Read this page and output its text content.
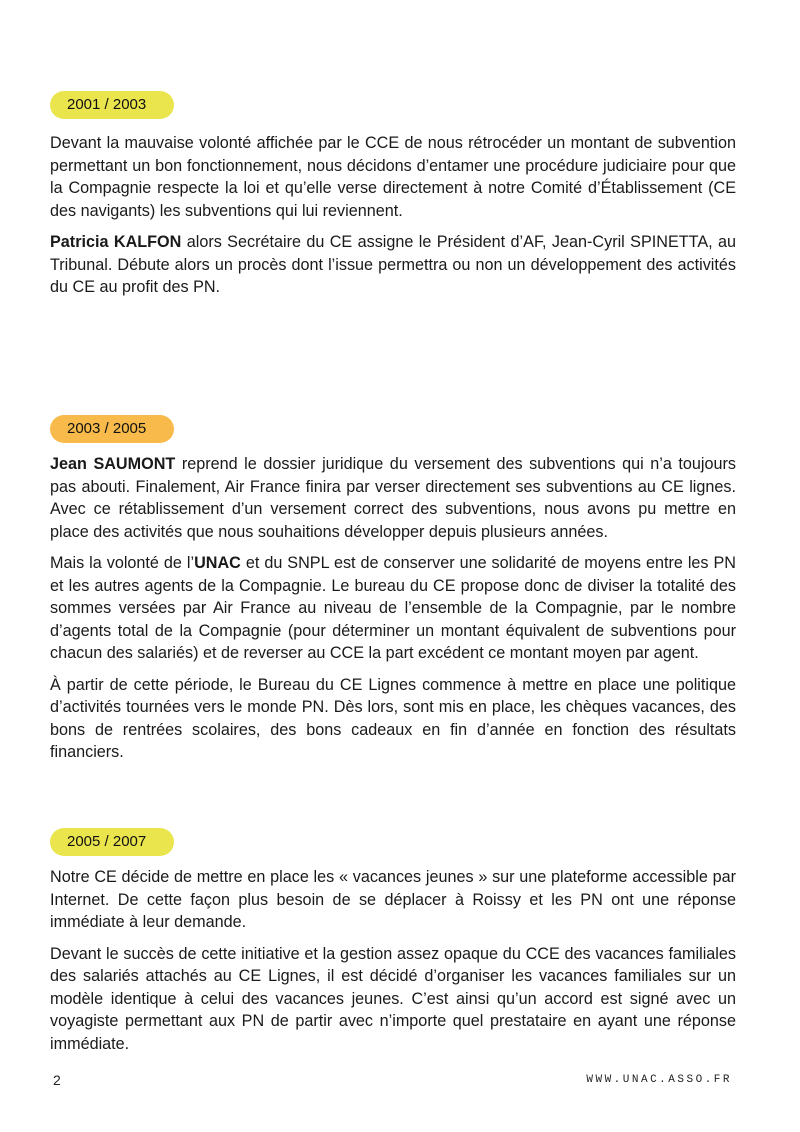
2001 / 2003

Devant la mauvaise volonté affichée par le CCE de nous rétrocéder un montant de subvention permettant un bon fonctionnement, nous décidons d’entamer une procédure judiciaire pour que la Compagnie respecte la loi et qu’elle verse directement à notre Comité d’Établissement (CE des navigants) les subventions qui lui reviennent.

Patricia KALFON alors Secrétaire du CE assigne le Président d’AF, Jean-Cyril SPINETTA, au Tribunal. Débute alors un procès dont l’issue permettra ou non un développement des activités du CE au profit des PN.

2003 / 2005

Jean SAUMONT reprend le dossier juridique du versement des subventions qui n’a toujours pas abouti. Finalement, Air France finira par verser directement ses subventions au CE lignes. Avec ce rétablissement d’un versement correct des subventions, nous avons pu mettre en place des activités que nous souhaitions développer depuis plusieurs années.

Mais la volonté de l’UNAC et du SNPL est de conserver une solidarité de moyens entre les PN et les autres agents de la Compagnie. Le bureau du CE propose donc de diviser la totalité des sommes versées par Air France au niveau de l’ensemble de la Compagnie, par le nombre d’agents total de la Compagnie (pour déterminer un montant équivalent de subventions pour chacun des salariés) et de reverser au CCE la part excédent ce montant moyen par agent.

À partir de cette période, le Bureau du CE Lignes commence à mettre en place une politique d’activités tournées vers le monde PN. Dès lors, sont mis en place, les chèques vacances, des bons de rentrées scolaires, des bons cadeaux en fin d’année en fonction des résultats financiers.

2005 / 2007

Notre CE décide de mettre en place les « vacances jeunes » sur une plateforme accessible par Internet. De cette façon plus besoin de se déplacer à Roissy et les PN ont une réponse immédiate à leur demande.

Devant le succès de cette initiative et la gestion assez opaque du CCE des vacances familiales des salariés attachés au CE Lignes, il est décidé d’organiser les vacances familiales sur un modèle identique à celui des vacances jeunes. C’est ainsi qu’un accord est signé avec un voyagiste permettant aux PN de partir avec n’importe quel prestataire en ayant une réponse immédiate.

2	WWW.UNAC.ASSO.FR
